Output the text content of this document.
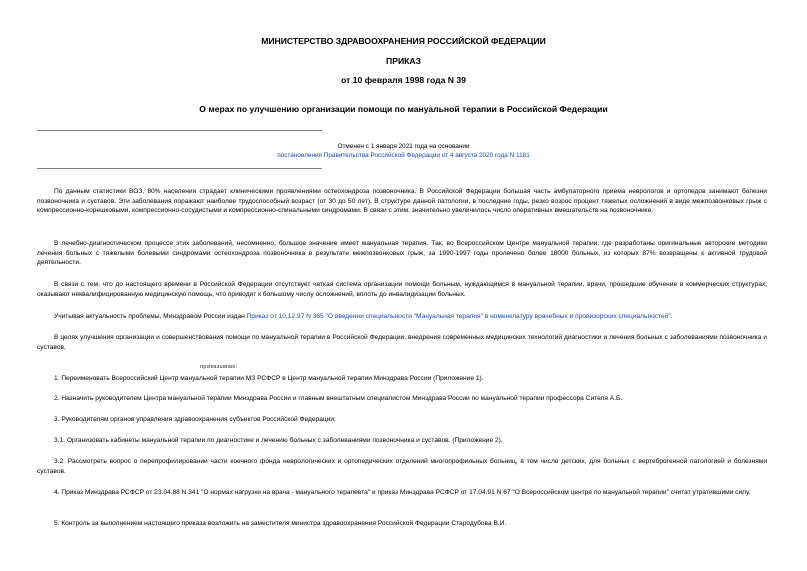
МИНИСТЕРСТВО ЗДРАВООХРАНЕНИЯ РОССИЙСКОЙ ФЕДЕРАЦИИ
ПРИКАЗ
от 10 февраля 1998 года N 39
О мерах по улучшению организации помощи по мануальной терапии в Российской Федерации
Отменен с 1 января 2021 года на основании
постановления Правительства Российской Федерации от 4 августа 2020 года N 1181
По данным статистики ВОЗ, 80% населения страдает клиническими проявлениями остеохондроза позвоночника. В Российской Федерации большая часть амбулаторного приема неврологов и ортопедов занимают болезни позвоночника и суставов. Эти заболевания поражают наиболее трудоспособный возраст (от 30 до 50 лет). В структуре данной патологии, в последние годы, резко возрос процент тяжелых осложнений в виде межпозвонковых грыж с компрессионно-корешковыми, компрессионно-сосудистыми и компрессионно-спинальными синдромами. В связи с этим, значительно увеличилось число оперативных вмешательств на позвоночнике.
В лечебно-диагностическом процессе этих заболеваний, несомненно, большое значение имеет мануальная терапия. Так, во Всероссийском Центре мануальной терапии, где разработаны оригинальные авторские методики лечения больных с тяжелыми болевыми синдромами остеохондроза позвоночника в результате межпозвонковых грыж, за 1990-1997 годы пролечено более 18000 больных, из которых 87% возвращены к активной трудовой деятельности.
В связи с тем, что до настоящего времени в Российской Федерации отсутствует четкая система организации помощи больным, нуждающимся в мануальной терапии, врачи, прошедшие обучение в коммерческих структурах, оказывают неквалифицированную медицинскую помощь, что приводит к большому числу осложнений, вплоть до инвалидизации больных.
Учитывая актуальность проблемы, Минздравом России издан Приказ от 10.12.97 N 365 "О введении специальности "Мануальная терапия" в номенклатуру врачебных и провизорских специальностей".
В целях улучшения организации и совершенствования помощи по мануальной терапии в Российской Федерации, внедрения современных медицинских технологий диагностики и лечения больных с заболеваниями позвоночника и суставов,
приказываю:
1. Переименовать Всероссийский Центр мануальной терапии МЗ РСФСР в Центр мануальной терапии Минздрава России (Приложение 1).
2. Назначить руководителем Центра мануальной терапии Минздрава России и главным внештатным специалистом Минздрава России по мануальной терапии профессора Сителя А.Б.
3. Руководителям органов управления здравоохранения субъектов Российской Федерации:
3.1. Организовать кабинеты мануальной терапии по диагностике и лечению больных с заболеваниями позвоночника и суставов. (Приложение 2).
3.2. Рассмотреть вопрос о перепрофилировании части коечного фонда неврологических и ортопедических отделений многопрофильных больниц, в том числе детских, для больных с вертеброгенной патологией и болезнями суставов.
4. Приказ Минздрава РСФСР от 23.04.88 N 341 "О нормах нагрузки на врача - мануального терапевта" и приказ Минздрава РСФСР от 17.04.91 N 67 "О Всероссийском центре по мануальной терапии" считат утратившими силу.
5. Контроль за выполнением настоящего приказа возложить на заместителя министра здравоохранения Российской Федерации Стародубова В.И.
